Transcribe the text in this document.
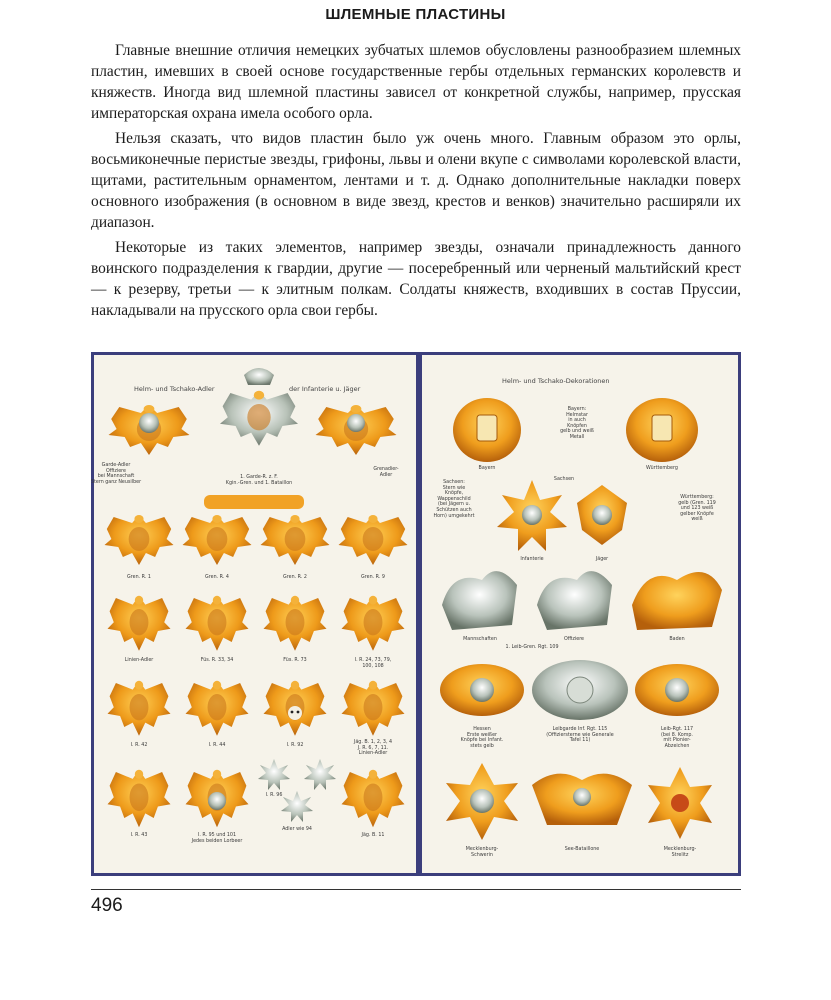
ШЛЕМНЫЕ ПЛАСТИНЫ

Главные внешние отличия немецких зубчатых шлемов обусловлены разнообразием шлемных пластин, имевших в своей основе государственные гербы отдельных германских королевств и княжеств. Иногда вид шлемной пластины зависел от конкретной службы, например, прусская императорская охрана имела особого орла.

Нельзя сказать, что видов пластин было уж очень много. Главным образом это орлы, восьмиконечные перистые звезды, грифоны, львы и олени вкупе с символами королевской власти, щитами, растительным орнаментом, лентами и т. д. Однако дополнительные накладки поверх основного изображения (в основном в виде звезд, крестов и венков) значительно расширяли их диапазон.

Некоторые из таких элементов, например звезды, означали принадлежность данного воинского подразделения к гвардии, другие — посеребренный или черненый мальтийский крест — к резерву, третьи — к элитным полкам. Солдаты княжеств, входивших в состав Пруссии, накладывали на прусского орла свои гербы.

Helm- und Tschako-Adler	der Infanterie u. Jäger
Garde-Adler
Offiziere
bei Mannschaft
Stern ganz Neusilber
1. Garde-R. z. F.
Kgin.-Gren. und 1. Bataillon
Grenadier-
Adler
Gren. R. 1	Gren. R. 4	Gren. R. 2	Gren. R. 9
Linien-Adler	Füs. R. 33, 34	Füs. R. 73	I. R. 24, 73, 79, 100, 108
I. R. 42	I. R. 44	I. R. 92
Jäg. B. 1, 2, 3, 4
J. R. 6, 7, 11. Linien-Adler
I. R. 43	I. R. 95 und 101
Jedes beiden Lorbeer
I. R. 96
Adler wie 94
Jäg. B. 11
Helm- und Tschako-Dekorationen
Bayern:
Helmstar
in auch
Knöpfen
gelb und weiß
Metall
Bayern	Württemberg
Sachsen:
Stern wie
Knöpfe,
Wappenschild
(bei Jägern u.
Schützen auch
Horn) umgekehrt
Sachsen
Württemberg:
gelb (Gren. 119
und 123 weiß
gelber Knöpfe
weiß
Infanterie	Jäger
Mannschaften	Offiziere
1. Leib-Gren. Rgt. 109
Baden
Hessen
Erste weißer
Knöpfe bei Infant.
stets gelb
Leibgarde Inf. Rgt. 115
(Offiziersterne wie Generale
Tafel 11)
Leib-Rgt. 117
(bei 8. Komp.
mit Pionier-
Abzeichen
Mecklenburg-
Schwerin
See-Bataillone	Mecklenburg-
Strelitz
496
